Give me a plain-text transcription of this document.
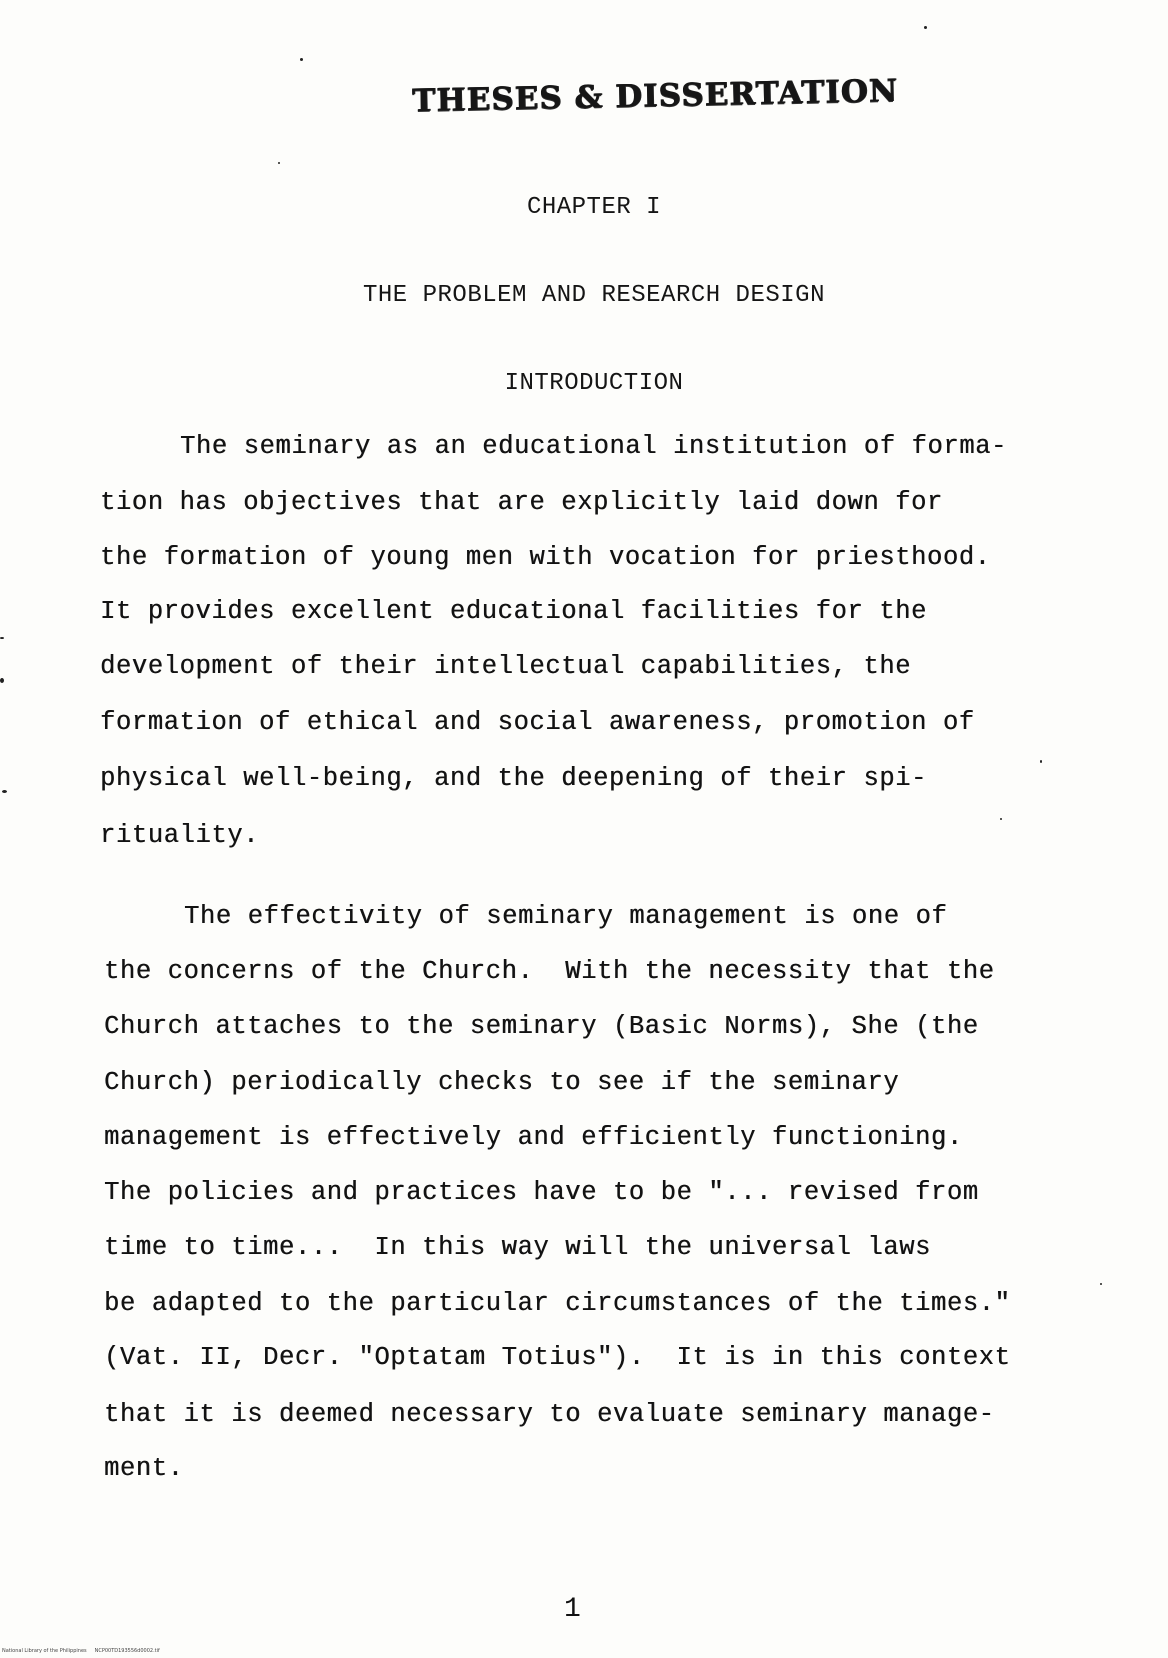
THESES & DISSERTATION
CHAPTER I
THE PROBLEM AND RESEARCH DESIGN
INTRODUCTION
The seminary as an educational institution of forma-
tion has objectives that are explicitly laid down for
the formation of young men with vocation for priesthood.
It provides excellent educational facilities for the
development of their intellectual capabilities, the
formation of ethical and social awareness, promotion of
physical well-being, and the deepening of their spi-
rituality.
The effectivity of seminary management is one of
the concerns of the Church.  With the necessity that the
Church attaches to the seminary (Basic Norms), She (the
Church) periodically checks to see if the seminary
management is effectively and efficiently functioning.
The policies and practices have to be "... revised from
time to time...  In this way will the universal laws
be adapted to the particular circumstances of the times."
(Vat. II, Decr. "Optatam Totius").  It is in this context
that it is deemed necessary to evaluate seminary manage-
ment.
1
National Library of the Philippines     NCP00TD193556d0002.tif
